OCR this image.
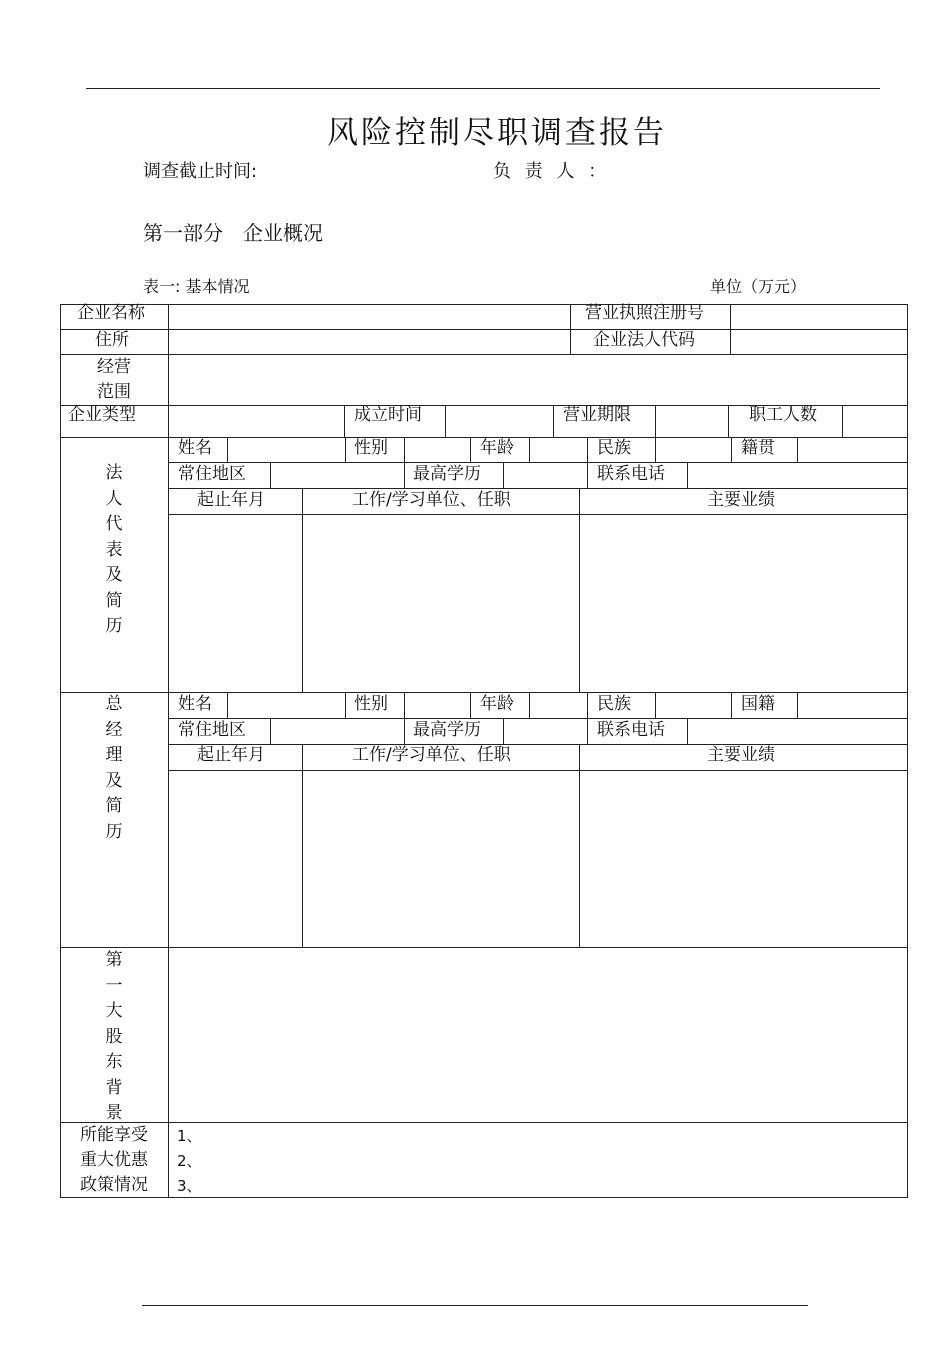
风险控制尽职调查报告
调查截止时间:	负 责 人 ：
第一部分　企业概况
表一: 基本情况	单位（万元）
企业名称	营业执照注册号
住所	企业法人代码
经营
范围
企业类型	成立时间	营业期限	职工人数
法
人
代
表
及
简
历
姓名	性别	年龄	民族	籍贯
常住地区	最高学历	联系电话
起止年月	工作/学习单位、任职	主要业绩
总
经
理
及
简
历
姓名	性别	年龄	民族	国籍
常住地区	最高学历	联系电话
起止年月	工作/学习单位、任职	主要业绩
第
一
大
股
东
背
景
所能享受
重大优惠
政策情况
1、
2、
3、
